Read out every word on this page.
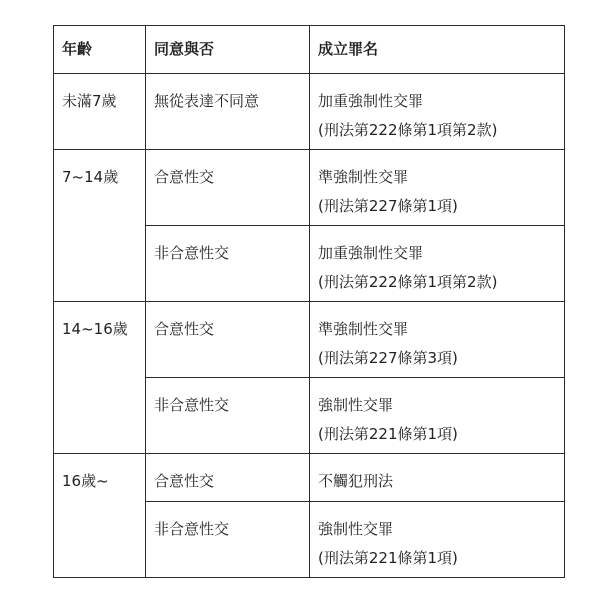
年齡	同意與否	成立罪名
未滿7歲	無從表達不同意	加重強制性交罪
(刑法第222條第1項第2款)

7~14歲	合意性交	準強制性交罪
(刑法第227條第1項)

	非合意性交	加重強制性交罪
(刑法第222條第1項第2款)

14~16歲	合意性交	準強制性交罪
(刑法第227條第3項)

	非合意性交	強制性交罪
(刑法第221條第1項)

16歲~	合意性交	不觸犯刑法

	非合意性交	強制性交罪
(刑法第221條第1項)
